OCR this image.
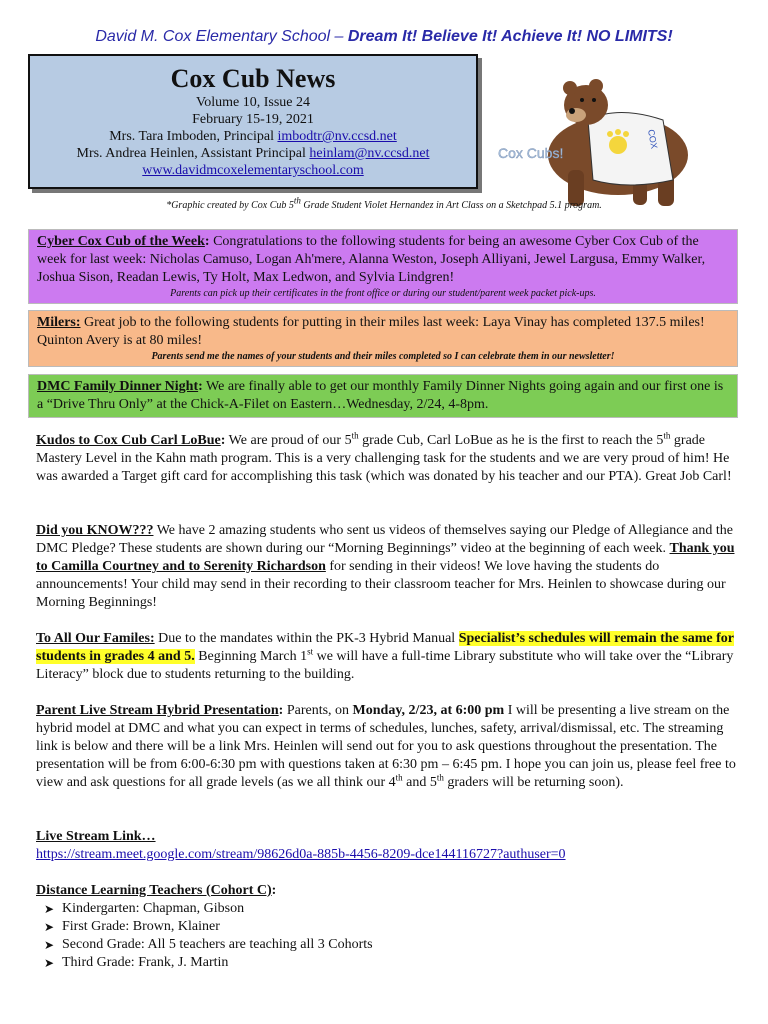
David M. Cox Elementary School – Dream It! Believe It! Achieve It! NO LIMITS!
Cox Cub News
Volume 10, Issue 24
February 15-19, 2021
Mrs. Tara Imboden, Principal imbodtr@nv.ccsd.net
Mrs. Andrea Heinlen, Assistant Principal heinlam@nv.ccsd.net
www.davidmcoxelementaryschool.com
COX
Cox Cubs!
*Graphic created by Cox Cub 5th Grade Student Violet Hernandez in Art Class on a Sketchpad 5.1 program.
Cyber Cox Cub of the Week: Congratulations to the following students for being an awesome Cyber Cox Cub of the week for last week: Nicholas Camuso, Logan Ah'mere, Alanna Weston, Joseph Alliyani, Jewel Largusa, Emmy Walker, Joshua Sison, Readan Lewis, Ty Holt, Max Ledwon, and Sylvia Lindgren!
Parents can pick up their certificates in the front office or during our student/parent week packet pick-ups.
Milers: Great job to the following students for putting in their miles last week: Laya Vinay has completed 137.5 miles! Quinton Avery is at 80 miles!
Parents send me the names of your students and their miles completed so I can celebrate them in our newsletter!
DMC Family Dinner Night: We are finally able to get our monthly Family Dinner Nights going again and our first one is a “Drive Thru Only” at the Chick-A-Filet on Eastern…Wednesday, 2/24, 4-8pm.
Kudos to Cox Cub Carl LoBue: We are proud of our 5th grade Cub, Carl LoBue as he is the first to reach the 5th grade Mastery Level in the Kahn math program. This is a very challenging task for the students and we are very proud of him! He was awarded a Target gift card for accomplishing this task (which was donated by his teacher and our PTA). Great Job Carl!
Did you KNOW??? We have 2 amazing students who sent us videos of themselves saying our Pledge of Allegiance and the DMC Pledge? These students are shown during our “Morning Beginnings” video at the beginning of each week. Thank you to Camilla Courtney and to Serenity Richardson for sending in their videos! We love having the students do announcements! Your child may send in their recording to their classroom teacher for Mrs. Heinlen to showcase during our Morning Beginnings!
To All Our Familes: Due to the mandates within the PK-3 Hybrid Manual Specialist’s schedules will remain the same for students in grades 4 and 5. Beginning March 1st we will have a full-time Library substitute who will take over the “Library Literacy” block due to students returning to the building.
Parent Live Stream Hybrid Presentation: Parents, on Monday, 2/23, at 6:00 pm I will be presenting a live stream on the hybrid model at DMC and what you can expect in terms of schedules, lunches, safety, arrival/dismissal, etc. The streaming link is below and there will be a link Mrs. Heinlen will send out for you to ask questions throughout the presentation. The presentation will be from 6:00-6:30 pm with questions taken at 6:30 pm – 6:45 pm. I hope you can join us, please feel free to view and ask questions for all grade levels (as we all think our 4th and 5th graders will be returning soon).
Live Stream Link…
https://stream.meet.google.com/stream/98626d0a-885b-4456-8209-dce144116727?authuser=0
Distance Learning Teachers (Cohort C):
➤ Kindergarten: Chapman, Gibson
➤ First Grade: Brown, Klainer
➤ Second Grade: All 5 teachers are teaching all 3 Cohorts
➤ Third Grade: Frank, J. Martin
